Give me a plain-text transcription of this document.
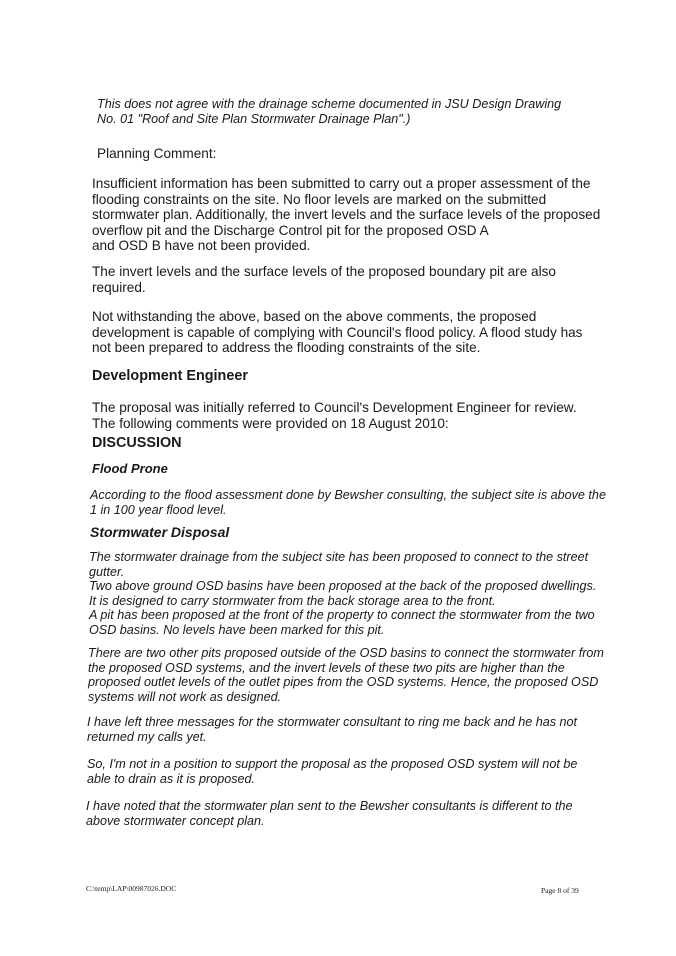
This does not agree with the drainage scheme documented in JSU Design Drawing
No. 01 "Roof and Site Plan Stormwater Drainage Plan".)
Planning Comment:
Insufficient information has been submitted to carry out a proper assessment of the
flooding constraints on the site. No floor levels are marked on the submitted
stormwater plan. Additionally, the invert levels and the surface levels of the proposed
overflow pit and the Discharge Control pit for the proposed OSD A
and OSD B have not been provided.
The invert levels and the surface levels of the proposed boundary pit are also
required.
Not withstanding the above, based on the above comments, the proposed
development is capable of complying with Council's flood policy. A flood study has
not been prepared to address the flooding constraints of the site.
Development Engineer
The proposal was initially referred to Council's Development Engineer for review.
The following comments were provided on 18 August 2010:
DISCUSSION
Flood Prone
According to the flood assessment done by Bewsher consulting, the subject site is above the
1 in 100 year flood level.
Stormwater Disposal
The stormwater drainage from the subject site has been proposed to connect to the street
gutter.
Two above ground OSD basins have been proposed at the back of the proposed dwellings.
It is designed to carry stormwater from the back storage area to the front.
A pit has been proposed at the front of the property to connect the stormwater from the two
OSD basins. No levels have been marked for this pit.
There are two other pits proposed outside of the OSD basins to connect the stormwater from
the proposed OSD systems, and the invert levels of these two pits are higher than the
proposed outlet levels of the outlet pipes from the OSD systems. Hence, the proposed OSD
systems will not work as designed.
I have left three messages for the stormwater consultant to ring me back and he has not
returned my calls yet.
So, I'm not in a position to support the proposal as the proposed OSD system will not be
able to drain as it is proposed.
I have noted that the stormwater plan sent to the Bewsher consultants is different to the
above stormwater concept plan.
C:\temp\LAP\00987026.DOC	Page 8 of 39
